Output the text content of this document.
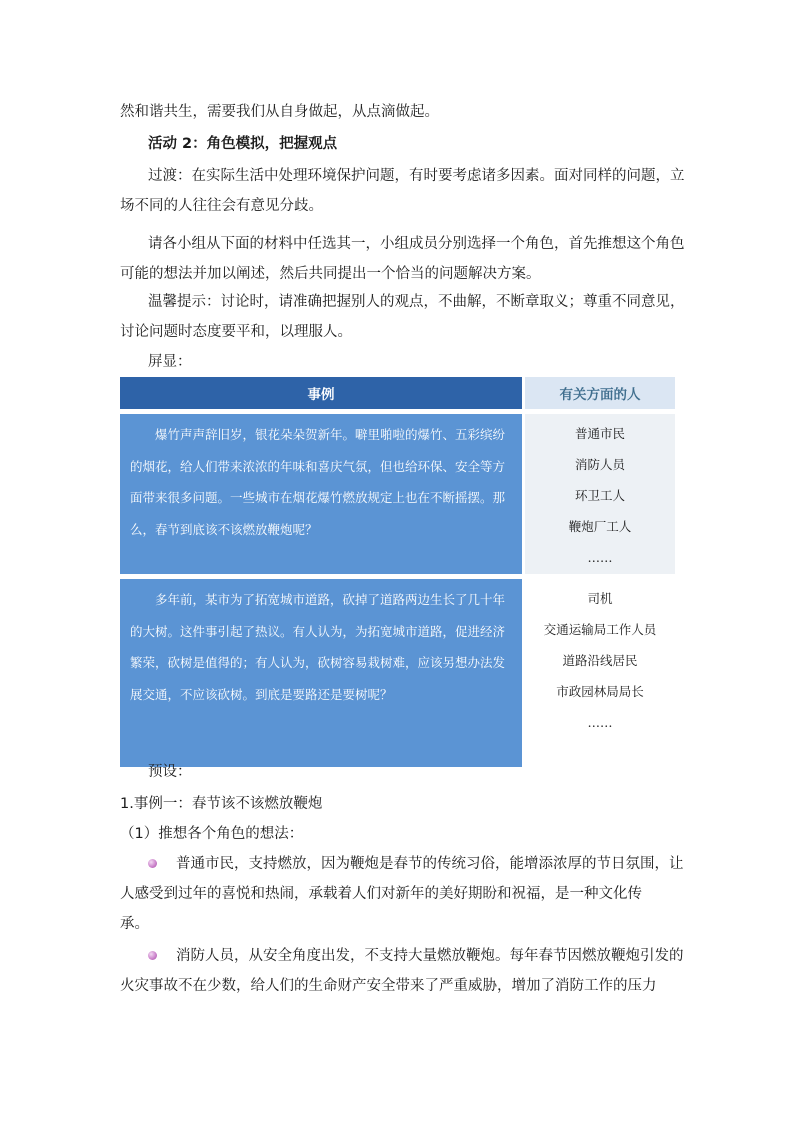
然和谐共生，需要我们从自身做起，从点滴做起。
活动 2：角色模拟，把握观点
过渡：在实际生活中处理环境保护问题，有时要考虑诸多因素。面对同样的问题，立
场不同的人往往会有意见分歧。
请各小组从下面的材料中任选其一，小组成员分别选择一个角色，首先推想这个角色
可能的想法并加以阐述，然后共同提出一个恰当的问题解决方案。
温馨提示：讨论时，请准确把握别人的观点，不曲解，不断章取义；尊重不同意见，
讨论问题时态度要平和，以理服人。
屏显：
事例	有关方面的人
爆竹声声辞旧岁，银花朵朵贺新年。噼里啪啦的爆竹、五彩缤纷的烟花，给人们带来浓浓的年味和喜庆气氛，但也给环保、安全等方面带来很多问题。一些城市在烟花爆竹燃放规定上也在不断摇摆。那么，春节到底该不该燃放鞭炮呢？	普通市民
消防人员
环卫工人
鞭炮厂工人
……

多年前，某市为了拓宽城市道路，砍掉了道路两边生长了几十年的大树。这件事引起了热议。有人认为，为拓宽城市道路，促进经济繁荣，砍树是值得的；有人认为，砍树容易栽树难，应该另想办法发展交通，不应该砍树。到底是要路还是要树呢？	司机
交通运输局工作人员
道路沿线居民
市政园林局局长
……
预设：
1.事例一：春节该不该燃放鞭炮
（1）推想各个角色的想法：
普通市民，支持燃放，因为鞭炮是春节的传统习俗，能增添浓厚的节日氛围，让
人感受到过年的喜悦和热闹，承载着人们对新年的美好期盼和祝福，是一种文化传
承。
消防人员，从安全角度出发，不支持大量燃放鞭炮。每年春节因燃放鞭炮引发的
火灾事故不在少数，给人们的生命财产安全带来了严重威胁，增加了消防工作的压力
